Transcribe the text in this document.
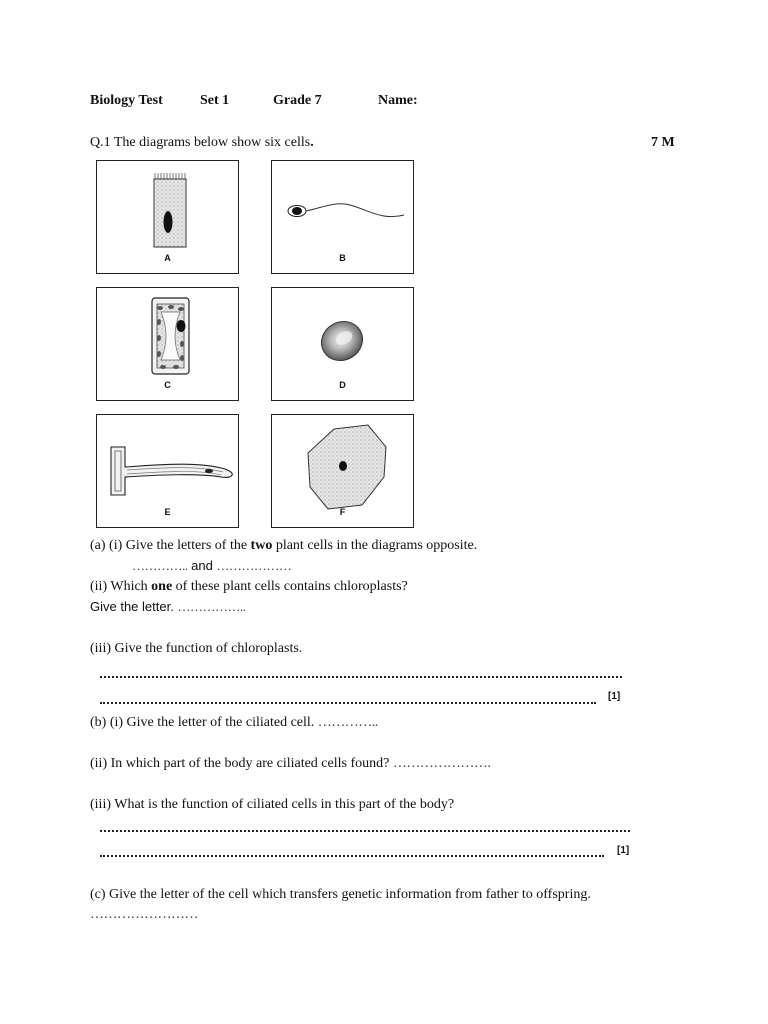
Biology Test	Set 1	Grade 7	Name:
Q.1 The diagrams below show six cells.	7 M
A	B
C	D
E	F
(a) (i) Give the letters of the two plant cells in the diagrams opposite.
………….. and ………………
(ii) Which one of these plant cells contains chloroplasts?
Give the letter. ……………..
(iii) Give the function of chloroplasts.
[1]
(b) (i) Give the letter of the ciliated cell. …………..
(ii) In which part of the body are ciliated cells found? ………………….
(iii) What is the function of ciliated cells in this part of the body?
[1]
(c) Give the letter of the cell which transfers genetic information from father to offspring.
……………………
